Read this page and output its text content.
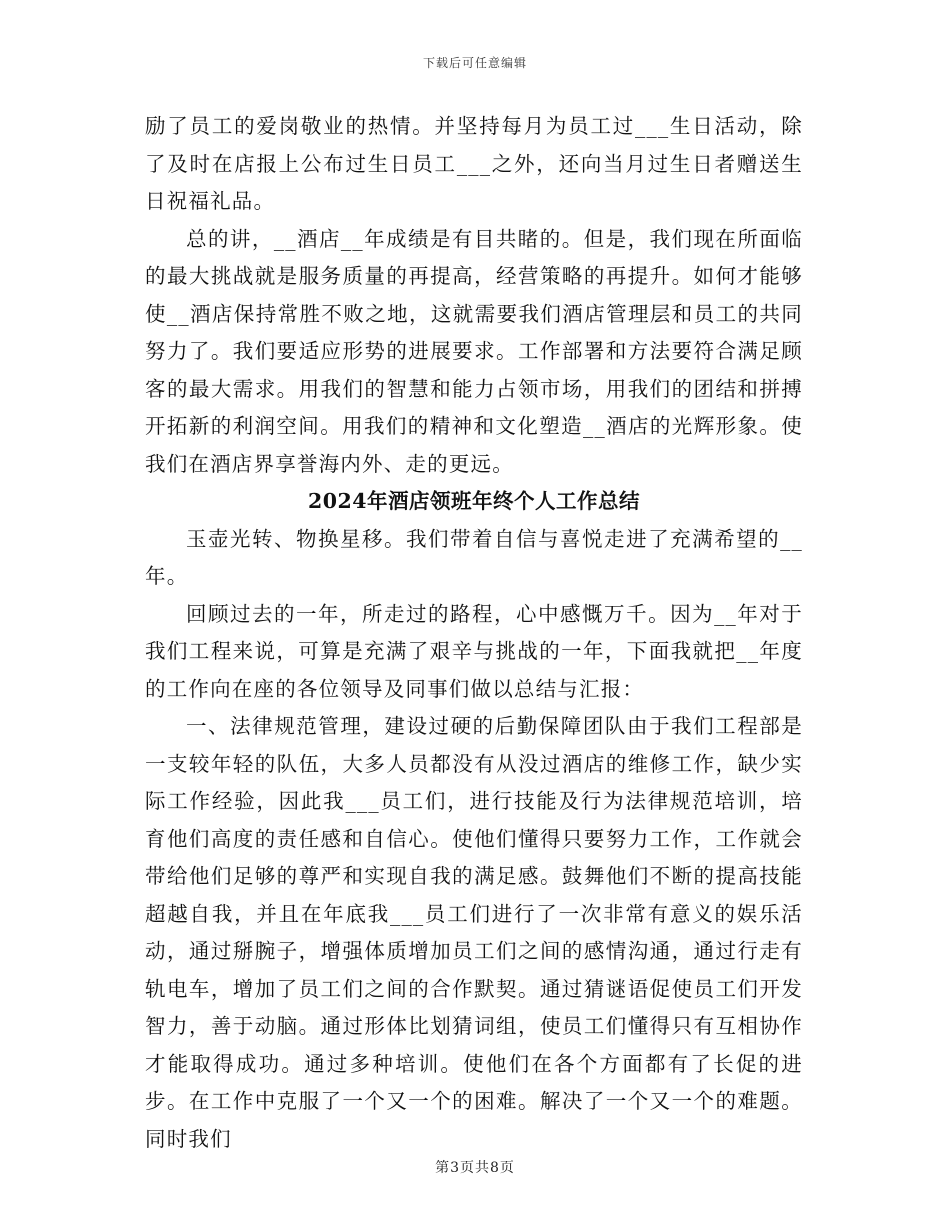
下载后可任意编辑

励了员工的爱岗敬业的热情。并坚持每月为员工过___生日活动，除了及时在店报上公布过生日员工___之外，还向当月过生日者赠送生日祝福礼品。

总的讲，__酒店__年成绩是有目共睹的。但是，我们现在所面临的最大挑战就是服务质量的再提高，经营策略的再提升。如何才能够使__酒店保持常胜不败之地，这就需要我们酒店管理层和员工的共同努力了。我们要适应形势的进展要求。工作部署和方法要符合满足顾客的最大需求。用我们的智慧和能力占领市场，用我们的团结和拼搏开拓新的利润空间。用我们的精神和文化塑造__酒店的光辉形象。使我们在酒店界享誉海内外、走的更远。

2024年酒店领班年终个人工作总结

玉壶光转、物换星移。我们带着自信与喜悦走进了充满希望的__年。

回顾过去的一年，所走过的路程，心中感慨万千。因为__年对于我们工程来说，可算是充满了艰辛与挑战的一年，下面我就把__年度的工作向在座的各位领导及同事们做以总结与汇报：

一、法律规范管理，建设过硬的后勤保障团队由于我们工程部是一支较年轻的队伍，大多人员都没有从没过酒店的维修工作，缺少实际工作经验，因此我___员工们，进行技能及行为法律规范培训，培育他们高度的责任感和自信心。使他们懂得只要努力工作，工作就会带给他们足够的尊严和实现自我的满足感。鼓舞他们不断的提高技能超越自我，并且在年底我___员工们进行了一次非常有意义的娱乐活动，通过掰腕子，增强体质增加员工们之间的感情沟通，通过行走有轨电车，增加了员工们之间的合作默契。通过猜谜语促使员工们开发智力，善于动脑。通过形体比划猜词组，使员工们懂得只有互相协作才能取得成功。通过多种培训。使他们在各个方面都有了长促的进步。在工作中克服了一个又一个的困难。解决了一个又一个的难题。同时我们

第3页共8页
